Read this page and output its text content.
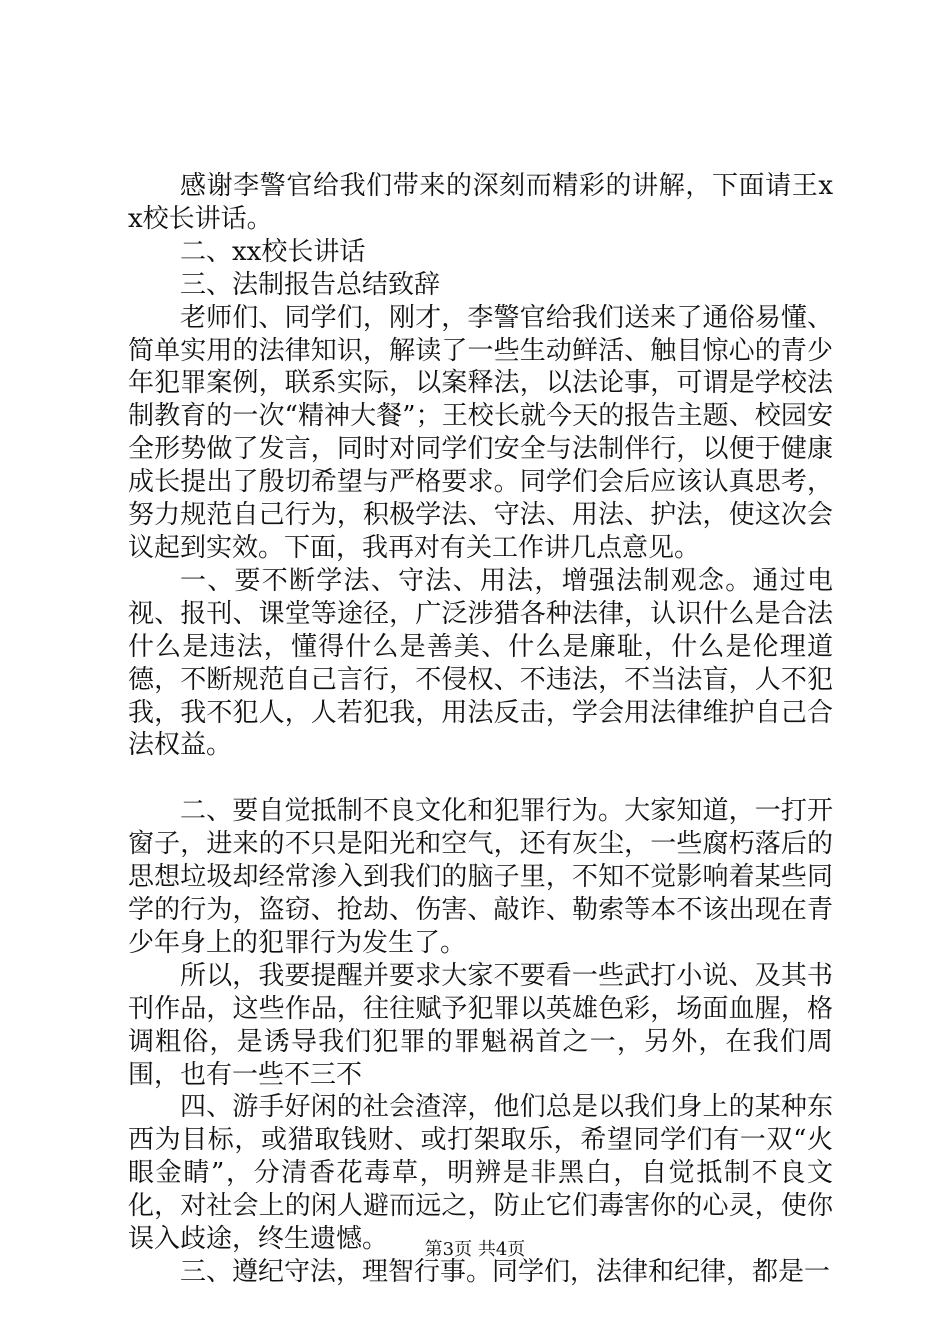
感谢李警官给我们带来的深刻而精彩的讲解，下面请王xx校长讲话。

二、xx校长讲话

三、法制报告总结致辞

老师们、同学们，刚才，李警官给我们送来了通俗易懂、简单实用的法律知识，解读了一些生动鲜活、触目惊心的青少年犯罪案例，联系实际，以案释法，以法论事，可谓是学校法制教育的一次“精神大餐”；王校长就今天的报告主题、校园安全形势做了发言，同时对同学们安全与法制伴行，以便于健康成长提出了殷切希望与严格要求。同学们会后应该认真思考，努力规范自己行为，积极学法、守法、用法、护法，使这次会议起到实效。下面，我再对有关工作讲几点意见。

一、要不断学法、守法、用法，增强法制观念。通过电视、报刊、课堂等途径，广泛涉猎各种法律，认识什么是合法什么是违法，懂得什么是善美、什么是廉耻，什么是伦理道德，不断规范自己言行，不侵权、不违法，不当法盲，人不犯我，我不犯人，人若犯我，用法反击，学会用法律维护自己合法权益。

二、要自觉抵制不良文化和犯罪行为。大家知道，一打开窗子，进来的不只是阳光和空气，还有灰尘，一些腐朽落后的思想垃圾却经常渗入到我们的脑子里，不知不觉影响着某些同学的行为，盗窃、抢劫、伤害、敲诈、勒索等本不该出现在青少年身上的犯罪行为发生了。

所以，我要提醒并要求大家不要看一些武打小说、及其书刊作品，这些作品，往往赋予犯罪以英雄色彩，场面血腥，格调粗俗，是诱导我们犯罪的罪魁祸首之一，另外，在我们周围，也有一些不三不

四、游手好闲的社会渣滓，他们总是以我们身上的某种东西为目标，或猎取钱财、或打架取乐，希望同学们有一双“火眼金睛”，分清香花毒草，明辨是非黑白，自觉抵制不良文化，对社会上的闲人避而远之，防止它们毒害你的心灵，使你误入歧途，终生遗憾。

三、遵纪守法，理智行事。同学们，法律和纪律，都是一

第3页 共4页
